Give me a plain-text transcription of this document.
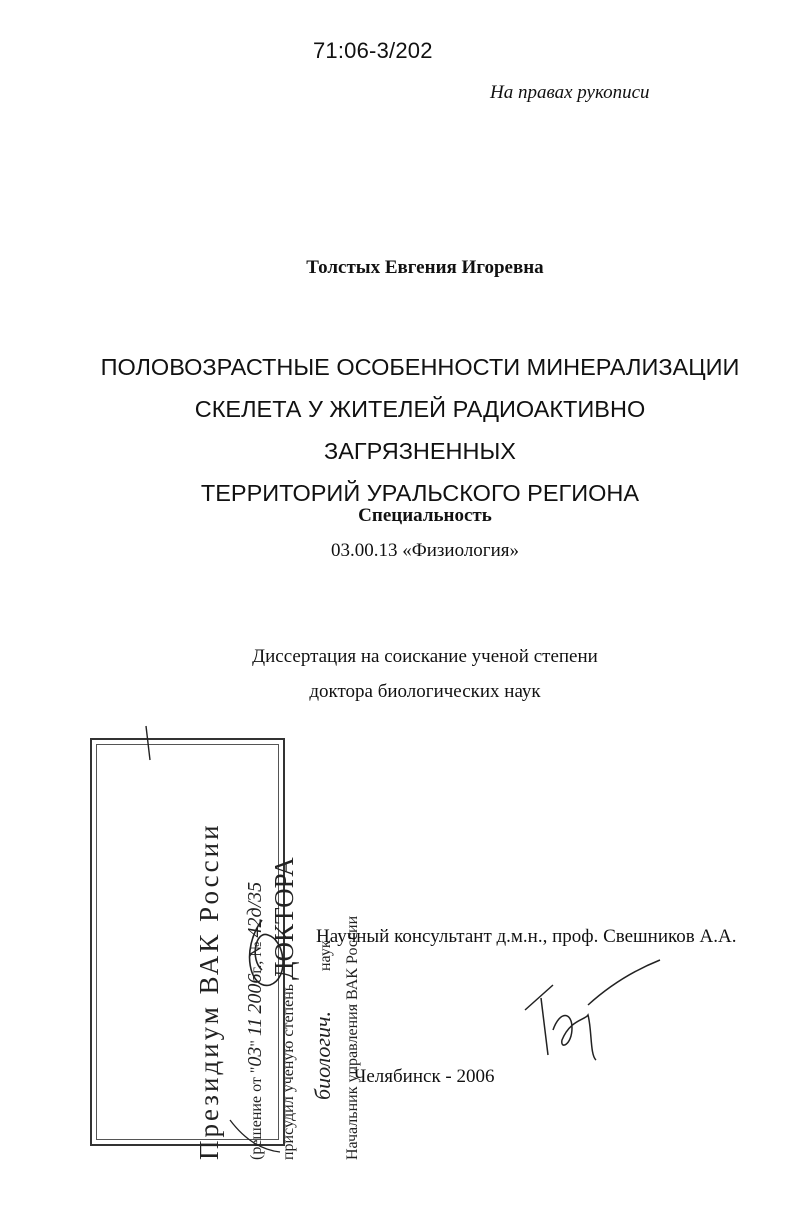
71:06-3/202
На правах рукописи
Толстых Евгения Игоревна
ПОЛОВОЗРАСТНЫЕ ОСОБЕННОСТИ МИНЕРАЛИЗАЦИИ
СКЕЛЕТА У ЖИТЕЛЕЙ РАДИОАКТИВНО ЗАГРЯЗНЕННЫХ
ТЕРРИТОРИЙ УРАЛЬСКОГО РЕГИОНА
Специальность
03.00.13 «Физиология»
Диссертация на соискание ученой степени
доктора биологических наук
Президиум ВАК России (решение от "03" 11 2006г., № 42д/35
присудил ученую степень ДОКТОРА
биологич.наук Начальник управления ВАК России
Научный консультант д.м.н., проф. Свешников А.А.
Челябинск - 2006
